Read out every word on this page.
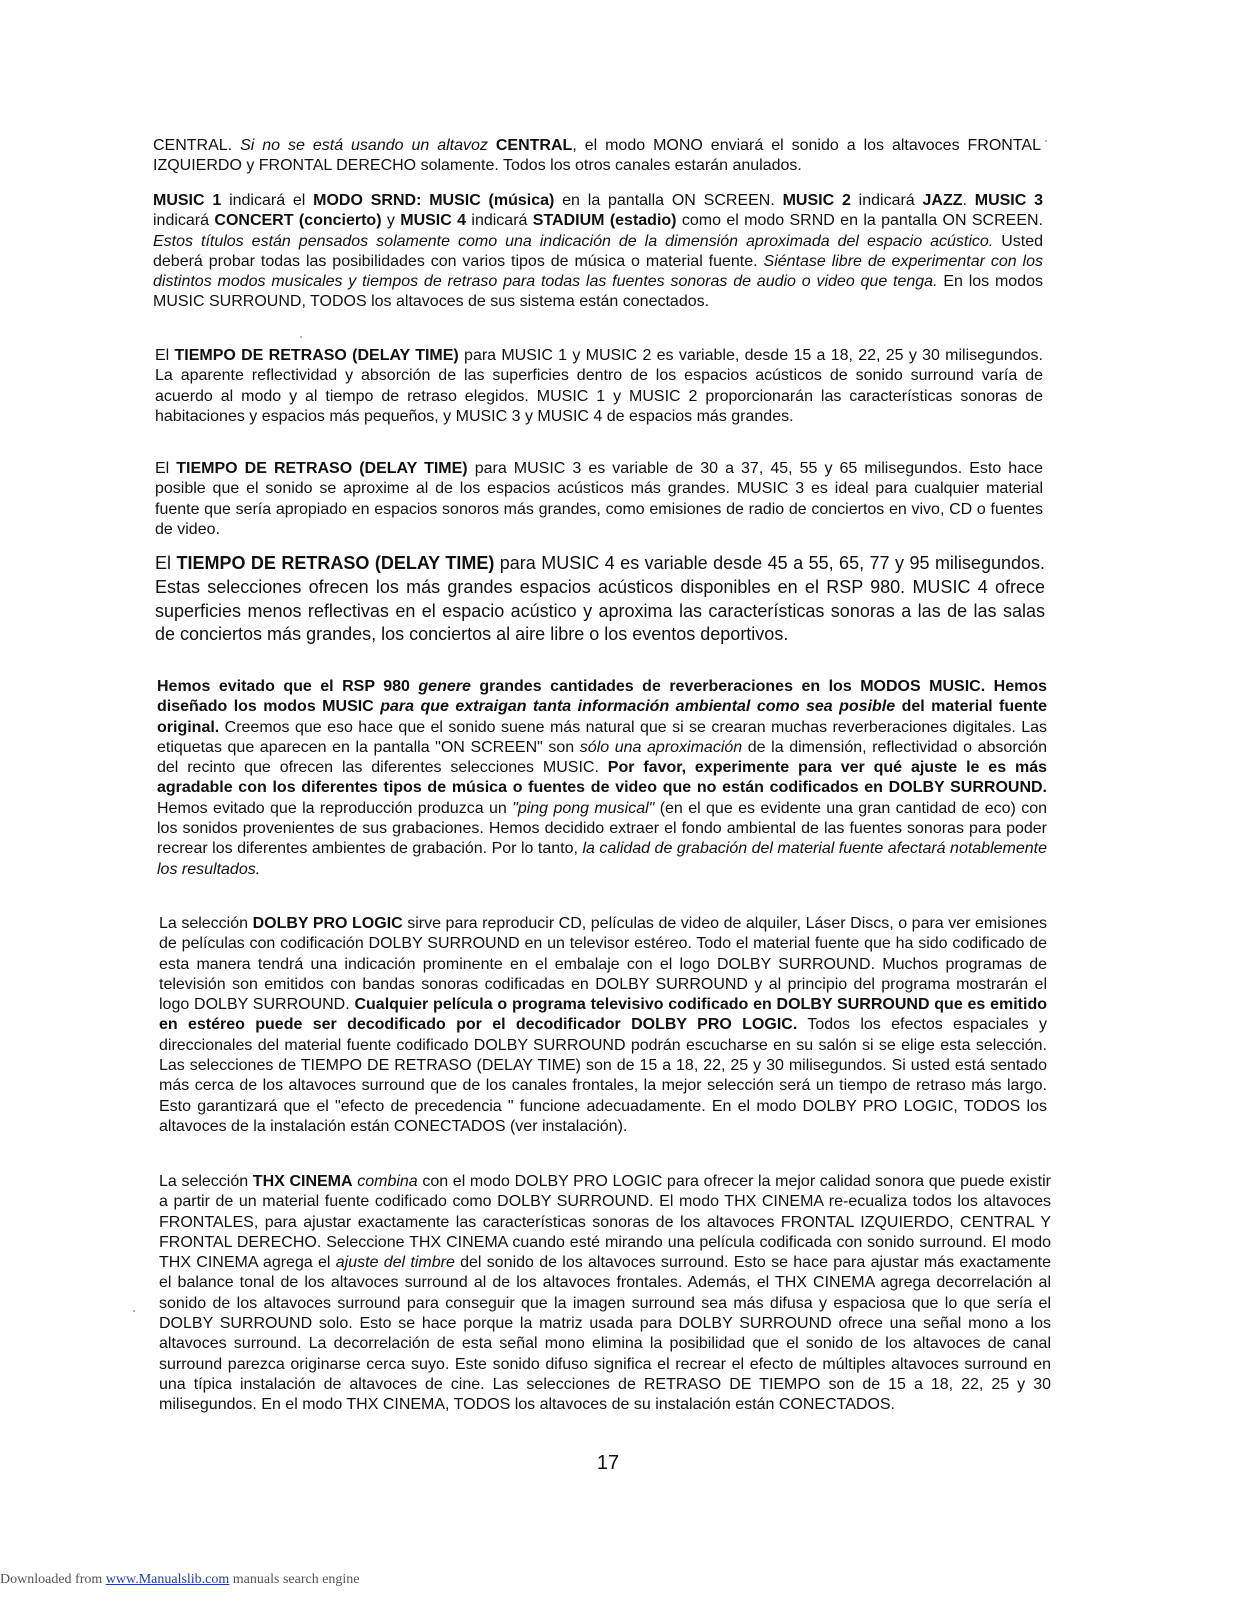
CENTRAL. Si no se está usando un altavoz CENTRAL, el modo MONO enviará el sonido a los altavoces FRONTAL IZQUIERDO y FRONTAL DERECHO solamente. Todos los otros canales estarán anulados.
MUSIC 1 indicará el MODO SRND: MUSIC (música) en la pantalla ON SCREEN. MUSIC 2 indicará JAZZ. MUSIC 3 indicará CONCERT (concierto) y MUSIC 4 indicará STADIUM (estadio) como el modo SRND en la pantalla ON SCREEN. Estos títulos están pensados solamente como una indicación de la dimensión aproximada del espacio acústico. Usted deberá probar todas las posibilidades con varios tipos de música o material fuente. Siéntase libre de experimentar con los distintos modos musicales y tiempos de retraso para todas las fuentes sonoras de audio o video que tenga. En los modos MUSIC SURROUND, TODOS los altavoces de sus sistema están conectados.
El TIEMPO DE RETRASO (DELAY TIME) para MUSIC 1 y MUSIC 2 es variable, desde 15 a 18, 22, 25 y 30 milisegundos. La aparente reflectividad y absorción de las superficies dentro de los espacios acústicos de sonido surround varía de acuerdo al modo y al tiempo de retraso elegidos. MUSIC 1 y MUSIC 2 proporcionarán las características sonoras de habitaciones y espacios más pequeños, y MUSIC 3 y MUSIC 4 de espacios más grandes.
El TIEMPO DE RETRASO (DELAY TIME) para MUSIC 3 es variable de 30 a 37, 45, 55 y 65 milisegundos. Esto hace posible que el sonido se aproxime al de los espacios acústicos más grandes. MUSIC 3 es ideal para cualquier material fuente que sería apropiado en espacios sonoros más grandes, como emisiones de radio de conciertos en vivo, CD o fuentes de video.
El TIEMPO DE RETRASO (DELAY TIME) para MUSIC 4 es variable desde 45 a 55, 65, 77 y 95 milisegundos. Estas selecciones ofrecen los más grandes espacios acústicos disponibles en el RSP 980. MUSIC 4 ofrece superficies menos reflectivas en el espacio acústico y aproxima las características sonoras a las de las salas de conciertos más grandes, los conciertos al aire libre o los eventos deportivos.
Hemos evitado que el RSP 980 genere grandes cantidades de reverberaciones en los MODOS MUSIC. Hemos diseñado los modos MUSIC para que extraigan tanta información ambiental como sea posible del material fuente original. Creemos que eso hace que el sonido suene más natural que si se crearan muchas reverberaciones digitales. Las etiquetas que aparecen en la pantalla "ON SCREEN" son sólo una aproximación de la dimensión, reflectividad o absorción del recinto que ofrecen las diferentes selecciones MUSIC. Por favor, experimente para ver qué ajuste le es más agradable con los diferentes tipos de música o fuentes de video que no están codificados en DOLBY SURROUND. Hemos evitado que la reproducción produzca un "ping pong musical" (en el que es evidente una gran cantidad de eco) con los sonidos provenientes de sus grabaciones. Hemos decidido extraer el fondo ambiental de las fuentes sonoras para poder recrear los diferentes ambientes de grabación. Por lo tanto, la calidad de grabación del material fuente afectará notablemente los resultados.
La selección DOLBY PRO LOGIC sirve para reproducir CD, películas de video de alquiler, Láser Discs, o para ver emisiones de películas con codificación DOLBY SURROUND en un televisor estéreo. Todo el material fuente que ha sido codificado de esta manera tendrá una indicación prominente en el embalaje con el logo DOLBY SURROUND. Muchos programas de televisión son emitidos con bandas sonoras codificadas en DOLBY SURROUND y al principio del programa mostrarán el logo DOLBY SURROUND. Cualquier película o programa televisivo codificado en DOLBY SURROUND que es emitido en estéreo puede ser decodificado por el decodificador DOLBY PRO LOGIC. Todos los efectos espaciales y direccionales del material fuente codificado DOLBY SURROUND podrán escucharse en su salón si se elige esta selección. Las selecciones de TIEMPO DE RETRASO (DELAY TIME) son de 15 a 18, 22, 25 y 30 milisegundos. Si usted está sentado más cerca de los altavoces surround que de los canales frontales, la mejor selección será un tiempo de retraso más largo. Esto garantizará que el "efecto de precedencia " funcione adecuadamente. En el modo DOLBY PRO LOGIC, TODOS los altavoces de la instalación están CONECTADOS (ver instalación).
La selección THX CINEMA combina con el modo DOLBY PRO LOGIC para ofrecer la mejor calidad sonora que puede existir a partir de un material fuente codificado como DOLBY SURROUND. El modo THX CINEMA re-ecualiza todos los altavoces FRONTALES, para ajustar exactamente las características sonoras de los altavoces FRONTAL IZQUIERDO, CENTRAL Y FRONTAL DERECHO. Seleccione THX CINEMA cuando esté mirando una película codificada con sonido surround. El modo THX CINEMA agrega el ajuste del timbre del sonido de los altavoces surround. Esto se hace para ajustar más exactamente el balance tonal de los altavoces surround al de los altavoces frontales. Además, el THX CINEMA agrega decorrelación al sonido de los altavoces surround para conseguir que la imagen surround sea más difusa y espaciosa que lo que sería el DOLBY SURROUND solo. Esto se hace porque la matriz usada para DOLBY SURROUND ofrece una señal mono a los altavoces surround. La decorrelación de esta señal mono elimina la posibilidad que el sonido de los altavoces de canal surround parezca originarse cerca suyo. Este sonido difuso significa el recrear el efecto de múltiples altavoces surround en una típica instalación de altavoces de cine. Las selecciones de RETRASO DE TIEMPO son de 15 a 18, 22, 25 y 30 milisegundos. En el modo THX CINEMA, TODOS los altavoces de su instalación están CONECTADOS.
17
Downloaded from www.Manualslib.com manuals search engine
